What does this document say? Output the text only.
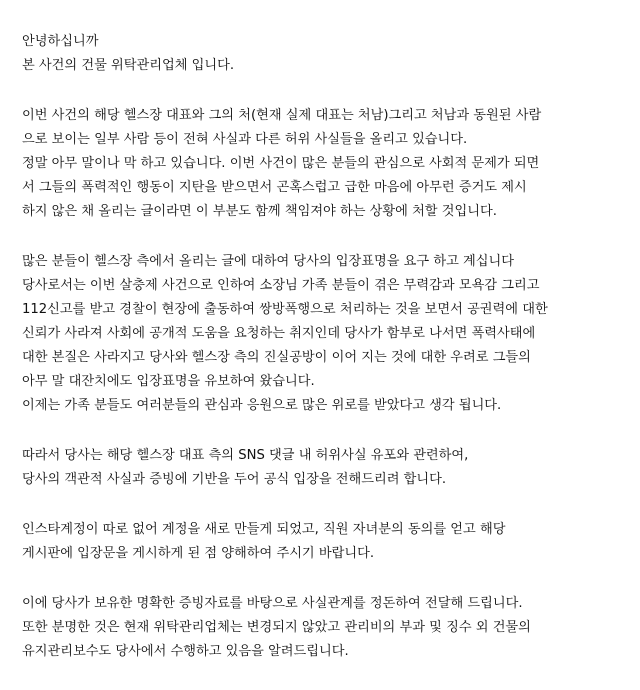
안녕하십니까
본 사건의 건물 위탁관리업체 입니다.
이번 사건의 해당 헬스장 대표와 그의 처(현재 실제 대표는 처남)그리고 처남과 동원된 사람
으로 보이는 일부 사람 등이 전혀 사실과 다른 허위 사실들을 올리고 있습니다.
정말 아무 말이나 막 하고 있습니다. 이번 사건이 많은 분들의 관심으로 사회적 문제가 되면
서 그들의 폭력적인 행동이 지탄을 받으면서 곤혹스럽고 급한 마음에 아무런 증거도 제시
하지 않은 채 올리는 글이라면 이 부분도 함께 책임져야 하는 상황에 처할 것입니다.
많은 분들이 헬스장 측에서 올리는 글에 대하여 당사의 입장표명을 요구 하고 계십니다
당사로서는 이번 살충제 사건으로 인하여 소장님 가족 분들이 겪은 무력감과 모욕감 그리고
112신고를 받고 경찰이 현장에 출동하여 쌍방폭행으로 처리하는 것을 보면서 공권력에 대한
신뢰가 사라져 사회에 공개적 도움을 요청하는 취지인데 당사가 함부로 나서면 폭력사태에
대한 본질은 사라지고 당사와 헬스장 측의 진실공방이 이어 지는 것에 대한 우려로 그들의
아무 말 대잔치에도 입장표명을 유보하여 왔습니다.
이제는 가족 분들도 여러분들의 관심과 응원으로 많은 위로를 받았다고 생각 됩니다.
따라서 당사는 해당 헬스장 대표 측의 SNS 댓글 내 허위사실 유포와 관련하여,
당사의 객관적 사실과 증빙에 기반을 두어 공식 입장을 전해드리려 합니다.
인스타계정이 따로 없어 계정을 새로 만들게 되었고, 직원 자녀분의 동의를 얻고 해당
게시판에 입장문을 게시하게 된 점 양해하여 주시기 바랍니다.
이에 당사가 보유한 명확한 증빙자료를 바탕으로 사실관계를 정돈하여 전달해 드립니다.
또한 분명한 것은 현재 위탁관리업체는 변경되지 않았고 관리비의 부과 및 징수 외 건물의
유지관리보수도 당사에서 수행하고 있음을 알려드립니다.
